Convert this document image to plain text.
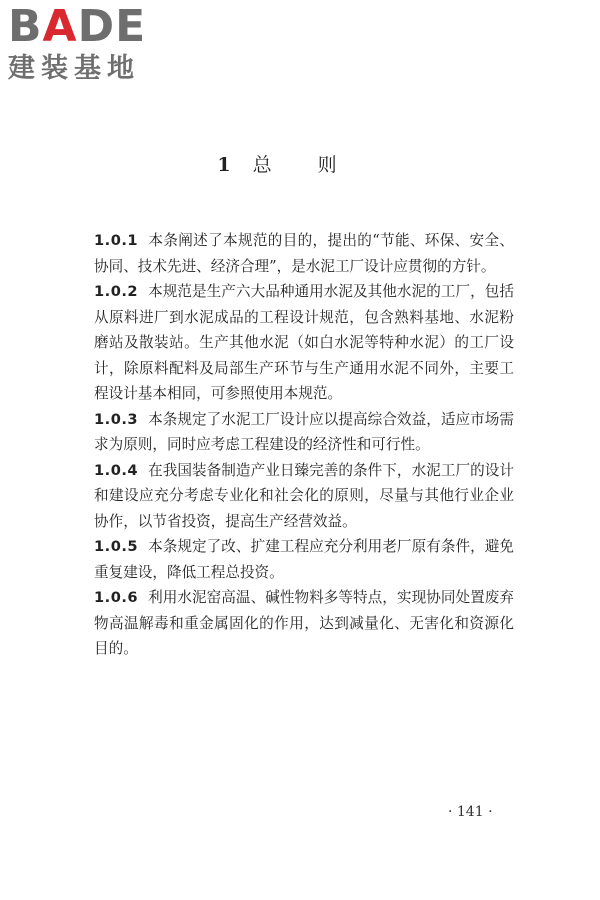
BADE
建装基地
1 总则

1.0.1 本条阐述了本规范的目的，提出的“节能、环保、安全、协同、技术先进、经济合理”，是水泥工厂设计应贯彻的方针。

1.0.2 本规范是生产六大品种通用水泥及其他水泥的工厂，包括从原料进厂到水泥成品的工程设计规范，包含熟料基地、水泥粉磨站及散装站。生产其他水泥（如白水泥等特种水泥）的工厂设计，除原料配料及局部生产环节与生产通用水泥不同外，主要工程设计基本相同，可参照使用本规范。

1.0.3 本条规定了水泥工厂设计应以提高综合效益，适应市场需求为原则，同时应考虑工程建设的经济性和可行性。

1.0.4 在我国装备制造产业日臻完善的条件下，水泥工厂的设计和建设应充分考虑专业化和社会化的原则，尽量与其他行业企业协作，以节省投资，提高生产经营效益。

1.0.5 本条规定了改、扩建工程应充分利用老厂原有条件，避免重复建设，降低工程总投资。

1.0.6 利用水泥窑高温、碱性物料多等特点，实现协同处置废弃物高温解毒和重金属固化的作用，达到减量化、无害化和资源化目的。

· 141 ·
